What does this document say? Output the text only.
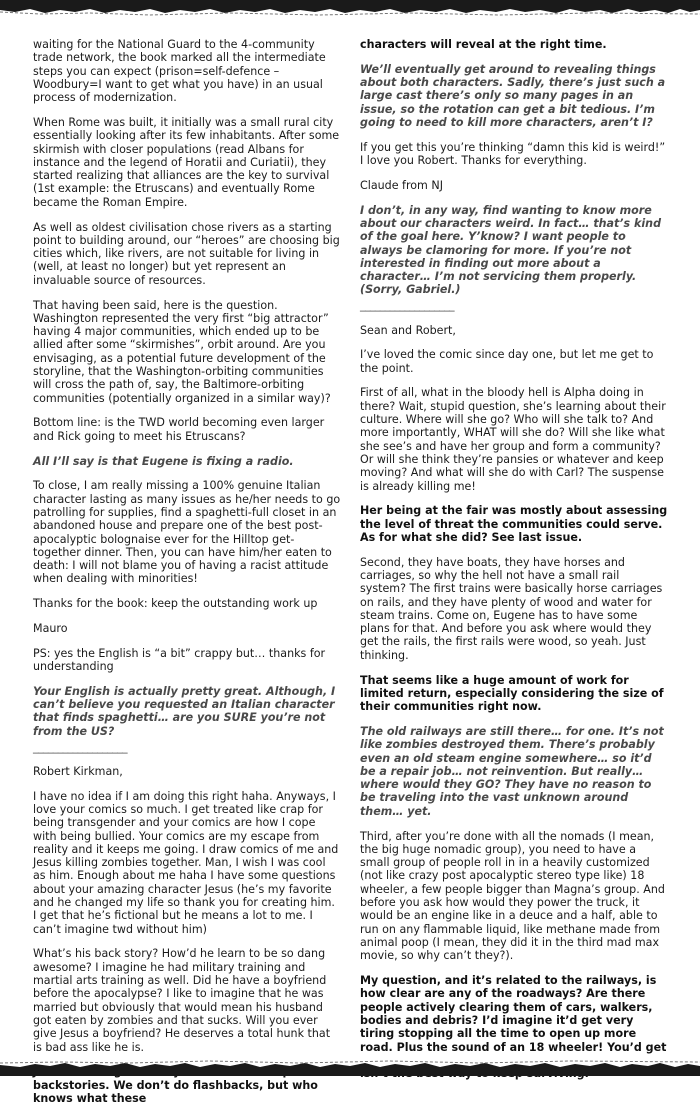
waiting for the National Guard to the 4-community trade network, the book marked all the intermediate steps you can expect (prison=self-defence – Woodbury=I want to get what you have) in an usual process of modernization.

When Rome was built, it initially was a small rural city essentially looking after its few inhabitants. After some skirmish with closer populations (read Albans for instance and the legend of Horatii and Curiatii), they started realizing that alliances are the key to survival (1st example: the Etruscans) and eventually Rome became the Roman Empire.

As well as oldest civilisation chose rivers as a starting point to building around, our “heroes” are choosing big cities which, like rivers, are not suitable for living in (well, at least no longer) but yet represent an invaluable source of resources.

That having been said, here is the question. Washington represented the very first “big attractor” having 4 major communities, which ended up to be allied after some “skirmishes”, orbit around. Are you envisaging, as a potential future development of the storyline, that the Washington-orbiting communities will cross the path of, say, the Baltimore-orbiting communities (potentially organized in a similar way)?

Bottom line: is the TWD world becoming even larger and Rick going to meet his Etruscans?

All I’ll say is that Eugene is fixing a radio.

To close, I am really missing a 100% genuine Italian character lasting as many issues as he/her needs to go patrolling for supplies, find a spaghetti-full closet in an abandoned house and prepare one of the best post-apocalyptic bolognaise ever for the Hilltop get-together dinner. Then, you can have him/her eaten to death: I will not blame you of having a racist attitude when dealing with minorities!

Thanks for the book: keep the outstanding work up

Mauro

PS: yes the English is “a bit” crappy but… thanks for understanding

Your English is actually pretty great. Although, I can’t believe you requested an Italian character that finds spaghetti… are you SURE you’re not from the US?

___________________

Robert Kirkman,

I have no idea if I am doing this right haha. Anyways, I love your comics so much. I get treated like crap for being transgender and your comics are how I cope with being bullied. Your comics are my escape from reality and it keeps me going. I draw comics of me and Jesus killing zombies together. Man, I wish I was cool as him. Enough about me haha I have some questions about your amazing character Jesus (he’s my favorite and he changed my life so thank you for creating him. I get that he’s fictional but he means a lot to me. I can’t imagine twd without him)

What’s his back story? How’d he learn to be so dang awesome? I imagine he had military training and martial arts training as well. Did he have a boyfriend before the apocalypse? I like to imagine that he was married but obviously that would mean his husband got eaten by zombies and that sucks. Will you ever give Jesus a boyfriend? He deserves a total hunk that is bad ass like he is.

backstories. We don’t do flashbacks, but who knows what these

characters will reveal at the right time.

We’ll eventually get around to revealing things about both characters. Sadly, there’s just such a large cast there’s only so many pages in an issue, so the rotation can get a bit tedious. I’m going to need to kill more characters, aren’t I?

If you get this you’re thinking “damn this kid is weird!” I love you Robert. Thanks for everything.

Claude from NJ

I don’t, in any way, find wanting to know more about our characters weird. In fact… that’s kind of the goal here. Y’know? I want people to always be clamoring for more. If you’re not interested in finding out more about a character… I’m not servicing them properly. (Sorry, Gabriel.)

___________________

Sean and Robert,

I’ve loved the comic since day one, but let me get to the point.

First of all, what in the bloody hell is Alpha doing in there? Wait, stupid question, she’s learning about their culture. Where will she go? Who will she talk to? And more importantly, WHAT will she do? Will she like what she see’s and have her group and form a community? Or will she think they’re pansies or whatever and keep moving? And what will she do with Carl? The suspense is already killing me!

Her being at the fair was mostly about assessing the level of threat the communities could serve. As for what she did? See last issue.

Second, they have boats, they have horses and carriages, so why the hell not have a small rail system? The first trains were basically horse carriages on rails, and they have plenty of wood and water for steam trains. Come on, Eugene has to have some plans for that. And before you ask where would they get the rails, the first rails were wood, so yeah. Just thinking.

That seems like a huge amount of work for limited return, especially considering the size of their communities right now.

The old railways are still there… for one. It’s not like zombies destroyed them. There’s probably even an old steam engine somewhere… so it’d be a repair job… not reinvention. But really… where would they GO? They have no reason to be traveling into the vast unknown around them… yet.

Third, after you’re done with all the nomads (I mean, the big huge nomadic group), you need to have a small group of people roll in in a heavily customized (not like crazy post apocalyptic stereo type like) 18 wheeler, a few people bigger than Magna’s group. And before you ask how would they power the truck, it would be an engine like in a deuce and a half, able to run on any flammable liquid, like methane made from animal poop (I mean, they did it in the third mad max movie, so why can’t they?).

My question, and it’s related to the railways, is how clear are any of the roadways? Are there people actively clearing them of cars, walkers, bodies and debris? I’d imagine it’d get very tiring stopping all the time to open up more road. Plus the sound of an 18 wheeler! You’d get
